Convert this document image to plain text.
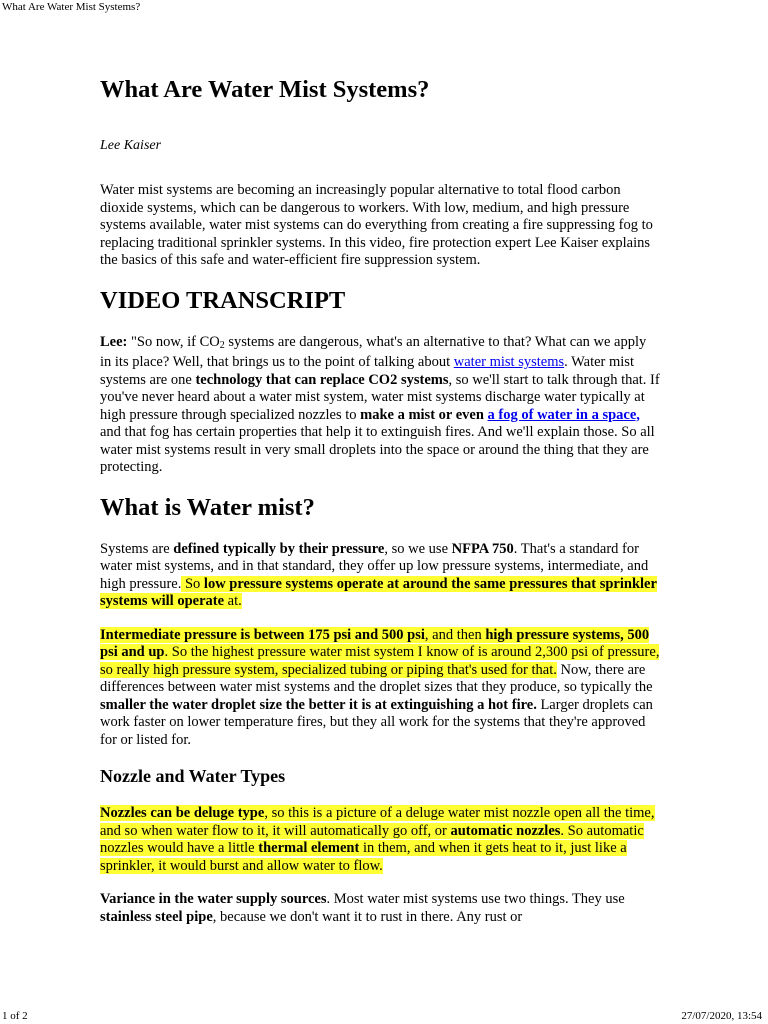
What Are Water Mist Systems?
What Are Water Mist Systems?
Lee Kaiser

Water mist systems are becoming an increasingly popular alternative to total flood carbon dioxide systems, which can be dangerous to workers. With low, medium, and high pressure systems available, water mist systems can do everything from creating a fire suppressing fog to replacing traditional sprinkler systems. In this video, fire protection expert Lee Kaiser explains the basics of this safe and water-efficient fire suppression system.

VIDEO TRANSCRIPT

Lee: "So now, if $CO_2$ systems are dangerous, what's an alternative to that? What can we apply in its place? Well, that brings us to the point of talking about water mist systems. Water mist systems are one technology that can replace CO2 systems, so we'll start to talk through that. If you've never heard about a water mist system, water mist systems discharge water typically at high pressure through specialized nozzles to make a mist or even a fog of water in a space, and that fog has certain properties that help it to extinguish fires. And we'll explain those. So all water mist systems result in very small droplets into the space or around the thing that they are protecting.

What is Water mist?

Systems are defined typically by their pressure, so we use NFPA 750. That's a standard for water mist systems, and in that standard, they offer up low pressure systems, intermediate, and high pressure. So low pressure systems operate at around the same pressures that sprinkler systems will operate at.

Intermediate pressure is between 175 psi and 500 psi, and then high pressure systems, 500 psi and up. So the highest pressure water mist system I know of is around 2,300 psi of pressure, so really high pressure system, specialized tubing or piping that's used for that. Now, there are differences between water mist systems and the droplet sizes that they produce, so typically the smaller the water droplet size the better it is at extinguishing a hot fire. Larger droplets can work faster on lower temperature fires, but they all work for the systems that they're approved for or listed for.

Nozzle and Water Types

Nozzles can be deluge type, so this is a picture of a deluge water mist nozzle open all the time, and so when water flow to it, it will automatically go off, or automatic nozzles. So automatic nozzles would have a little thermal element in them, and when it gets heat to it, just like a sprinkler, it would burst and allow water to flow.

Variance in the water supply sources. Most water mist systems use two things. They use stainless steel pipe, because we don't want it to rust in there. Any rust or

1 of 2	27/07/2020, 13:54
